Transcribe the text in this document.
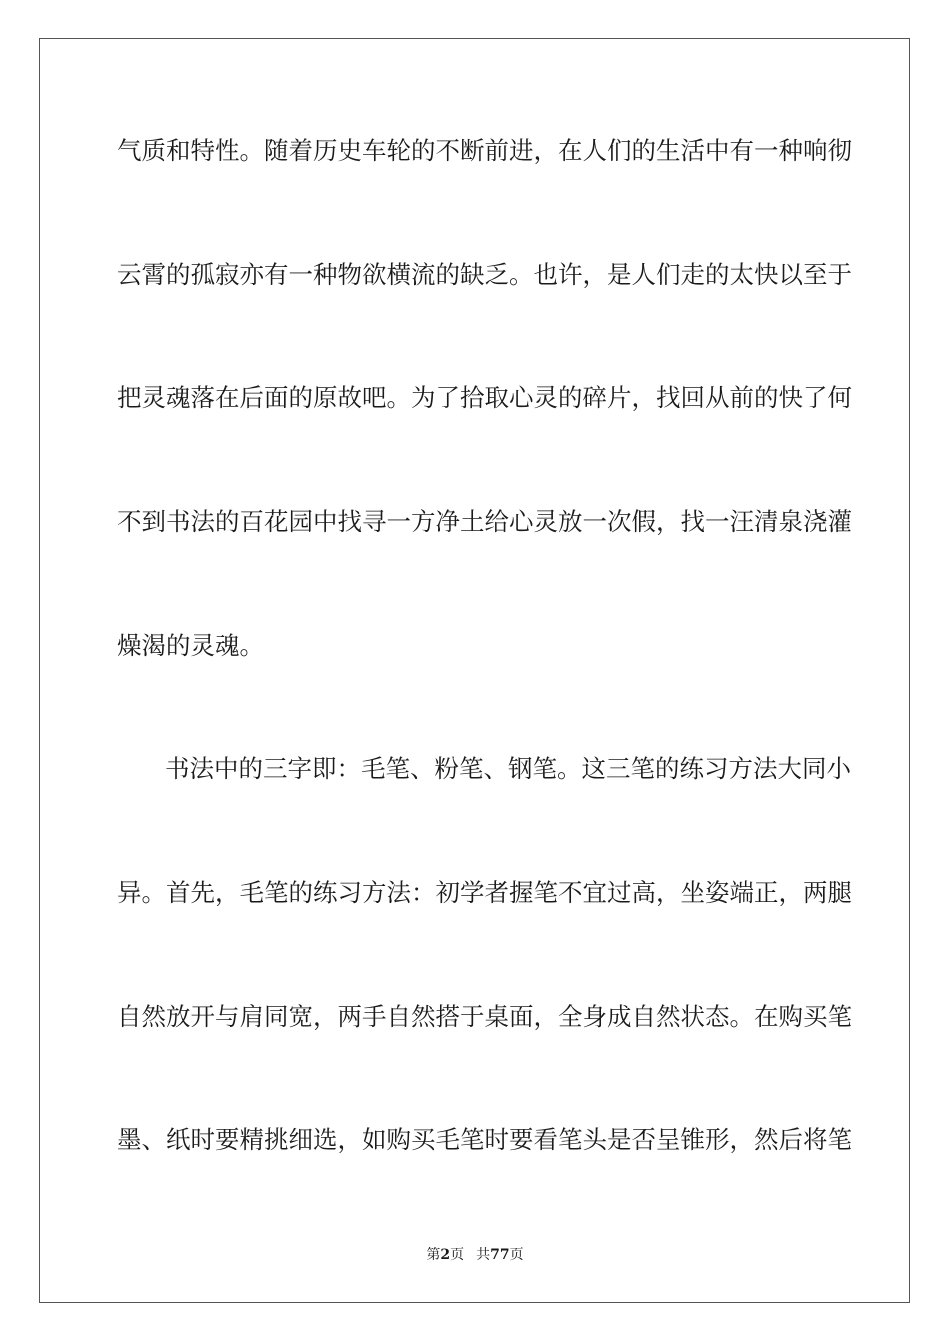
气质和特性。随着历史车轮的不断前进，在人们的生活中有一种响彻
云霄的孤寂亦有一种物欲横流的缺乏。也许，是人们走的太快以至于
把灵魂落在后面的原故吧。为了拾取心灵的碎片，找回从前的快了何
不到书法的百花园中找寻一方净土给心灵放一次假，找一汪清泉浇灌
燥渴的灵魂。
书法中的三字即：毛笔、粉笔、钢笔。这三笔的练习方法大同小
异。首先，毛笔的练习方法：初学者握笔不宜过高，坐姿端正，两腿
自然放开与肩同宽，两手自然搭于桌面，全身成自然状态。在购买笔
墨、纸时要精挑细选，如购买毛笔时要看笔头是否呈锥形，然后将笔
第2页 共77页
